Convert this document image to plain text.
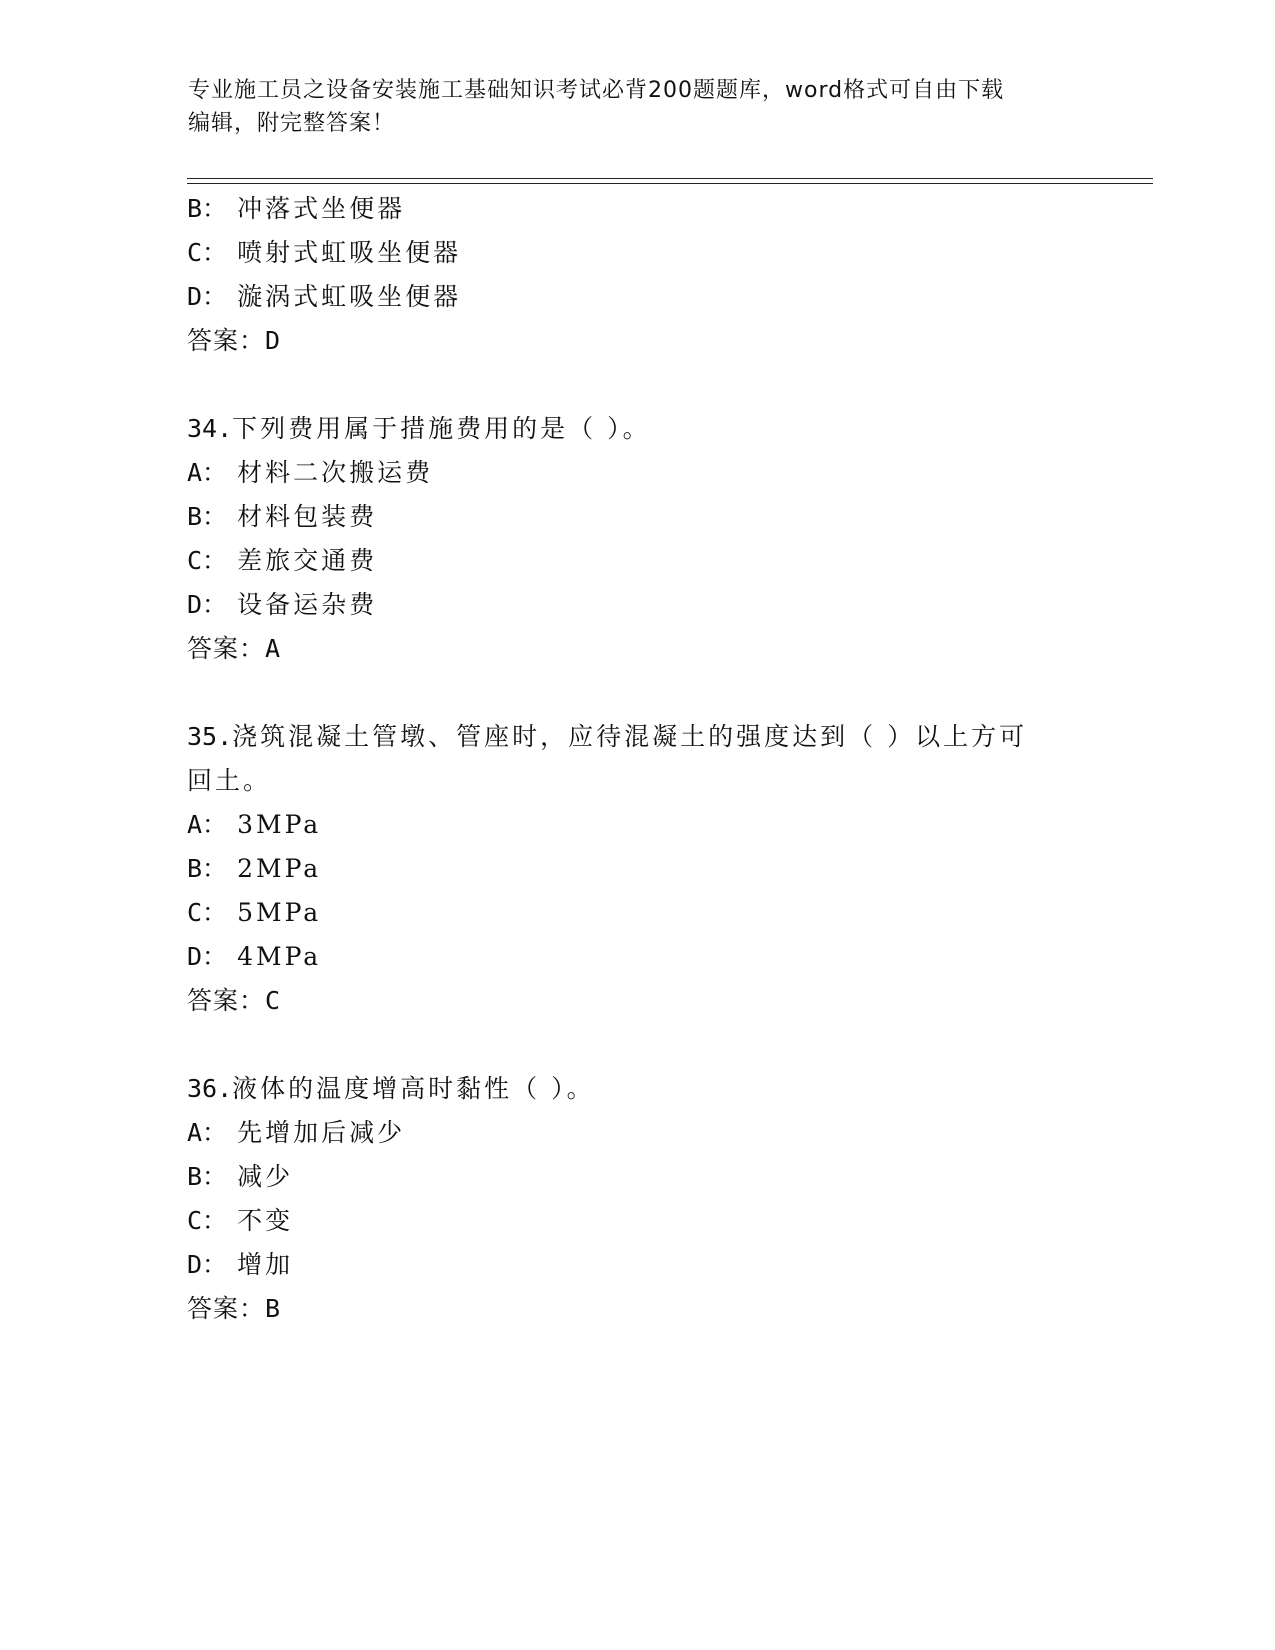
专业施工员之设备安装施工基础知识考试必背200题题库，word格式可自由下载
编辑，附完整答案！
B： 冲落式坐便器
C： 喷射式虹吸坐便器
D： 漩涡式虹吸坐便器
答案：D
34.下列费用属于措施费用的是（ ）。
A： 材料二次搬运费
B： 材料包装费
C： 差旅交通费
D： 设备运杂费
答案：A
35.浇筑混凝土管墩、管座时，应待混凝土的强度达到（ ）以上方可
回土。
A： 3MPa
B： 2MPa
C： 5MPa
D： 4MPa
答案：C
36.液体的温度增高时黏性（ ）。
A： 先增加后减少
B： 减少
C： 不变
D： 增加
答案：B
